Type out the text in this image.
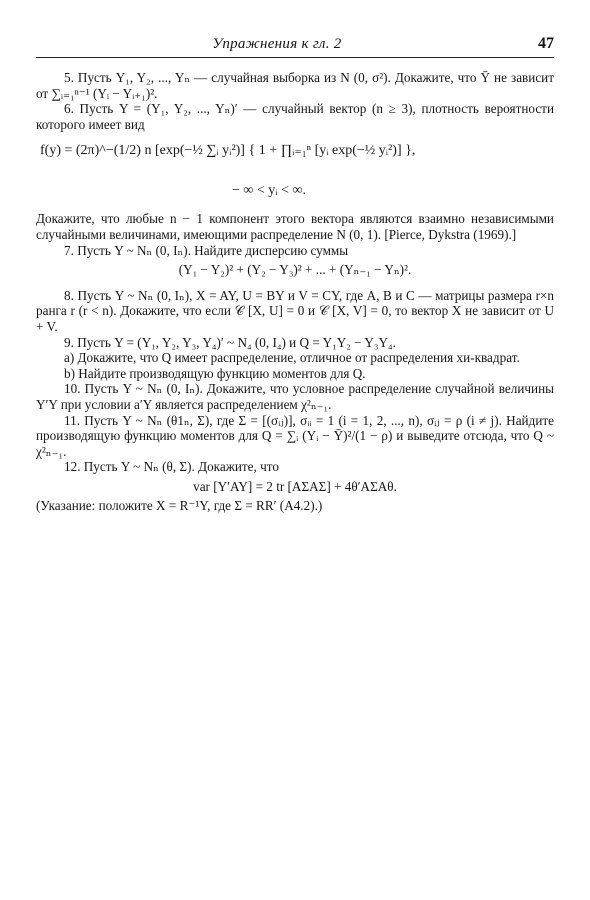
Упражнения к гл. 2	47

5. Пусть Y₁, Y₂, ..., Yₙ — случайная выборка из N (0, σ²). Докажите, что Ȳ не зависит от ∑ᵢ₌₁ⁿ⁻¹ (Yᵢ − Yᵢ₊₁)².

6. Пусть Y = (Y₁, Y₂, ..., Yₙ)′ — случайный вектор (n ≥ 3), плотность вероятности которого имеет вид

f(y) = (2π)^−(1/2) n [exp(−½ ∑ᵢ yᵢ²)] { 1 + ∏ᵢ₌₁ⁿ [yᵢ exp(−½ yᵢ²)] },
− ∞ < yᵢ < ∞.

Докажите, что любые n − 1 компонент этого вектора являются взаимно независимыми случайными величинами, имеющими распределение N (0, 1). [Pierce, Dykstra (1969).]

7. Пусть Y ~ Nₙ (0, Iₙ). Найдите дисперсию суммы

(Y₁ − Y₂)² + (Y₂ − Y₃)² + ... + (Yₙ₋₁ − Yₙ)².

8. Пусть Y ~ Nₙ (0, Iₙ), X = AY, U = BY и V = CY, где A, B и C — матрицы размера r×n ранга r (r < n). Докажите, что если 𝒞 [X, U] = 0 и 𝒞 [X, V] = 0, то вектор X не зависит от U + V.

9. Пусть Y = (Y₁, Y₂, Y₃, Y₄)′ ~ N₄ (0, I₄) и Q = Y₁Y₂ − Y₃Y₄.

а) Докажите, что Q имеет распределение, отличное от распределения хи-квадрат.

b) Найдите производящую функцию моментов для Q.

10. Пусть Y ~ Nₙ (0, Iₙ). Докажите, что условное распределение случайной величины Y′Y при условии a′Y является распределением χ²ₙ₋₁.

11. Пусть Y ~ Nₙ (θ1ₙ, Σ), где Σ = [(σᵢⱼ)], σᵢᵢ = 1 (i = 1, 2, ..., n), σᵢⱼ = ρ (i ≠ j). Найдите производящую функцию моментов для Q = ∑ᵢ (Yᵢ − Ȳ)²/(1 − ρ) и выведите отсюда, что Q ~ χ²ₙ₋₁.

12. Пусть Y ~ Nₙ (θ, Σ). Докажите, что

var [Y′AY] = 2 tr [AΣAΣ] + 4θ′AΣAθ.

(Указание: положите X = R⁻¹Y, где Σ = RR′ (A4.2).)
